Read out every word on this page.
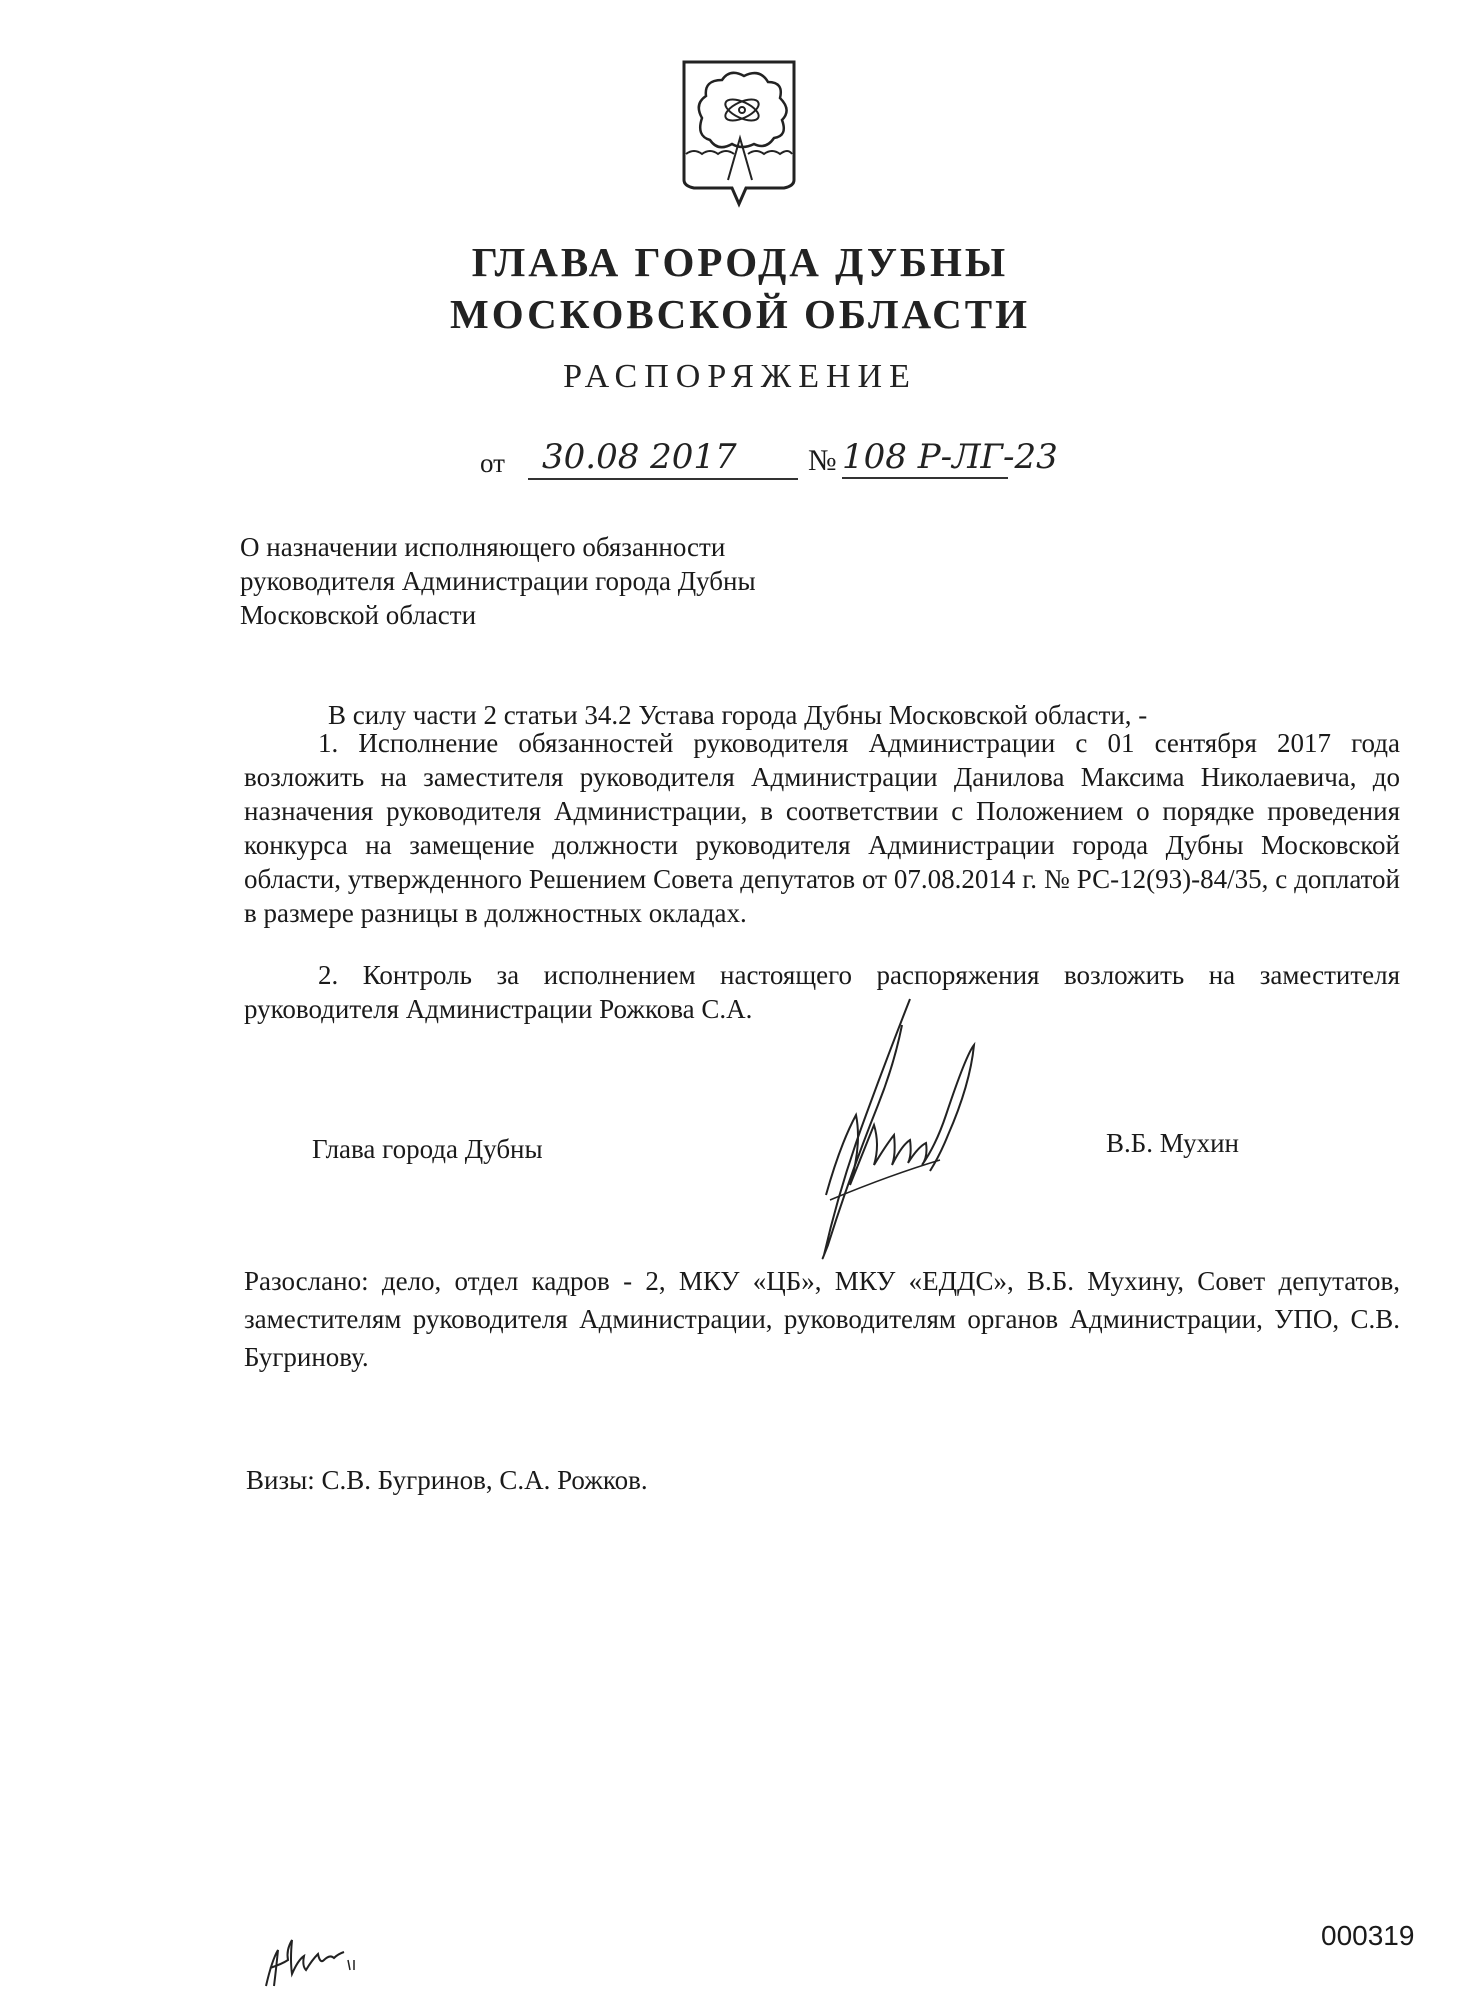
ГЛАВА ГОРОДА ДУБНЫ
МОСКОВСКОЙ ОБЛАСТИ
РАСПОРЯЖЕНИЕ
от	30.08 2017	№ 108 Р-ЛГ-23
О назначении исполняющего обязанности
руководителя Администрации города Дубны
Московской области
В силу части 2 статьи 34.2 Устава города Дубны Московской области, -
1. Исполнение обязанностей руководителя Администрации с 01 сентября 2017 года возложить на заместителя руководителя Администрации Данилова Максима Николаевича, до назначения руководителя Администрации, в соответствии с Положением о порядке проведения конкурса на замещение должности руководителя Администрации города Дубны Московской области, утвержденного Решением Совета депутатов от 07.08.2014 г. № РС-12(93)-84/35, с доплатой в размере разницы в должностных окладах.
2. Контроль за исполнением настоящего распоряжения возложить на заместителя руководителя Администрации Рожкова С.А.
Глава города Дубны	В.Б. Мухин
Разослано: дело, отдел кадров - 2, МКУ «ЦБ», МКУ «ЕДДС», В.Б. Мухину, Совет депутатов, заместителям руководителя Администрации, руководителям органов Администрации, УПО, С.В. Бугринову.
Визы: С.В. Бугринов, С.А. Рожков.
000319
